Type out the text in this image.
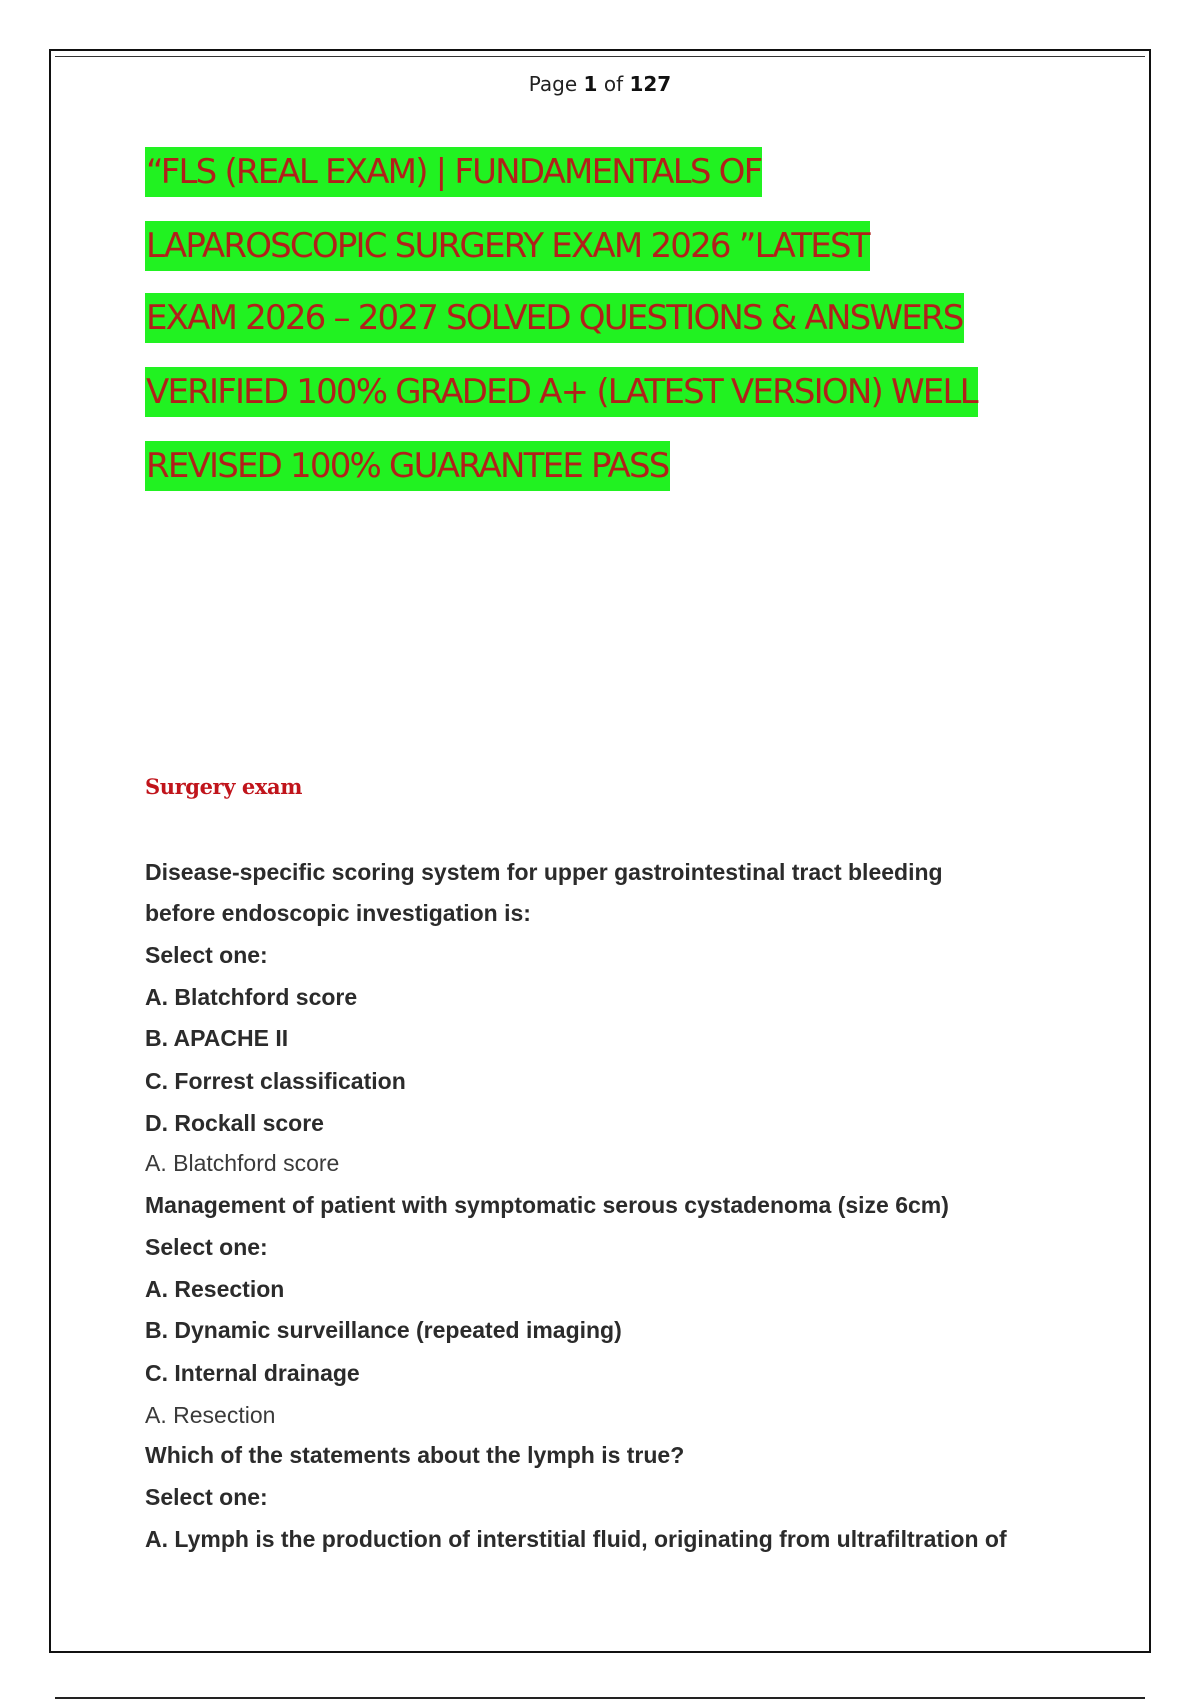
Page 1 of 127
“FLS (REAL EXAM) | FUNDAMENTALS OF
LAPAROSCOPIC SURGERY EXAM 2026 ”LATEST
EXAM 2026 – 2027 SOLVED QUESTIONS & ANSWERS
VERIFIED 100% GRADED A+ (LATEST VERSION) WELL
REVISED 100% GUARANTEE PASS
Surgery exam
Disease-specific scoring system for upper gastrointestinal tract bleeding
before endoscopic investigation is:
Select one:
A. Blatchford score
B. APACHE II
C. Forrest classification
D. Rockall score
A. Blatchford score
Management of patient with symptomatic serous cystadenoma (size 6cm)
Select one:
A. Resection
B. Dynamic surveillance (repeated imaging)
C. Internal drainage
A. Resection
Which of the statements about the lymph is true?
Select one:
A. Lymph is the production of interstitial fluid, originating from ultrafiltration of
